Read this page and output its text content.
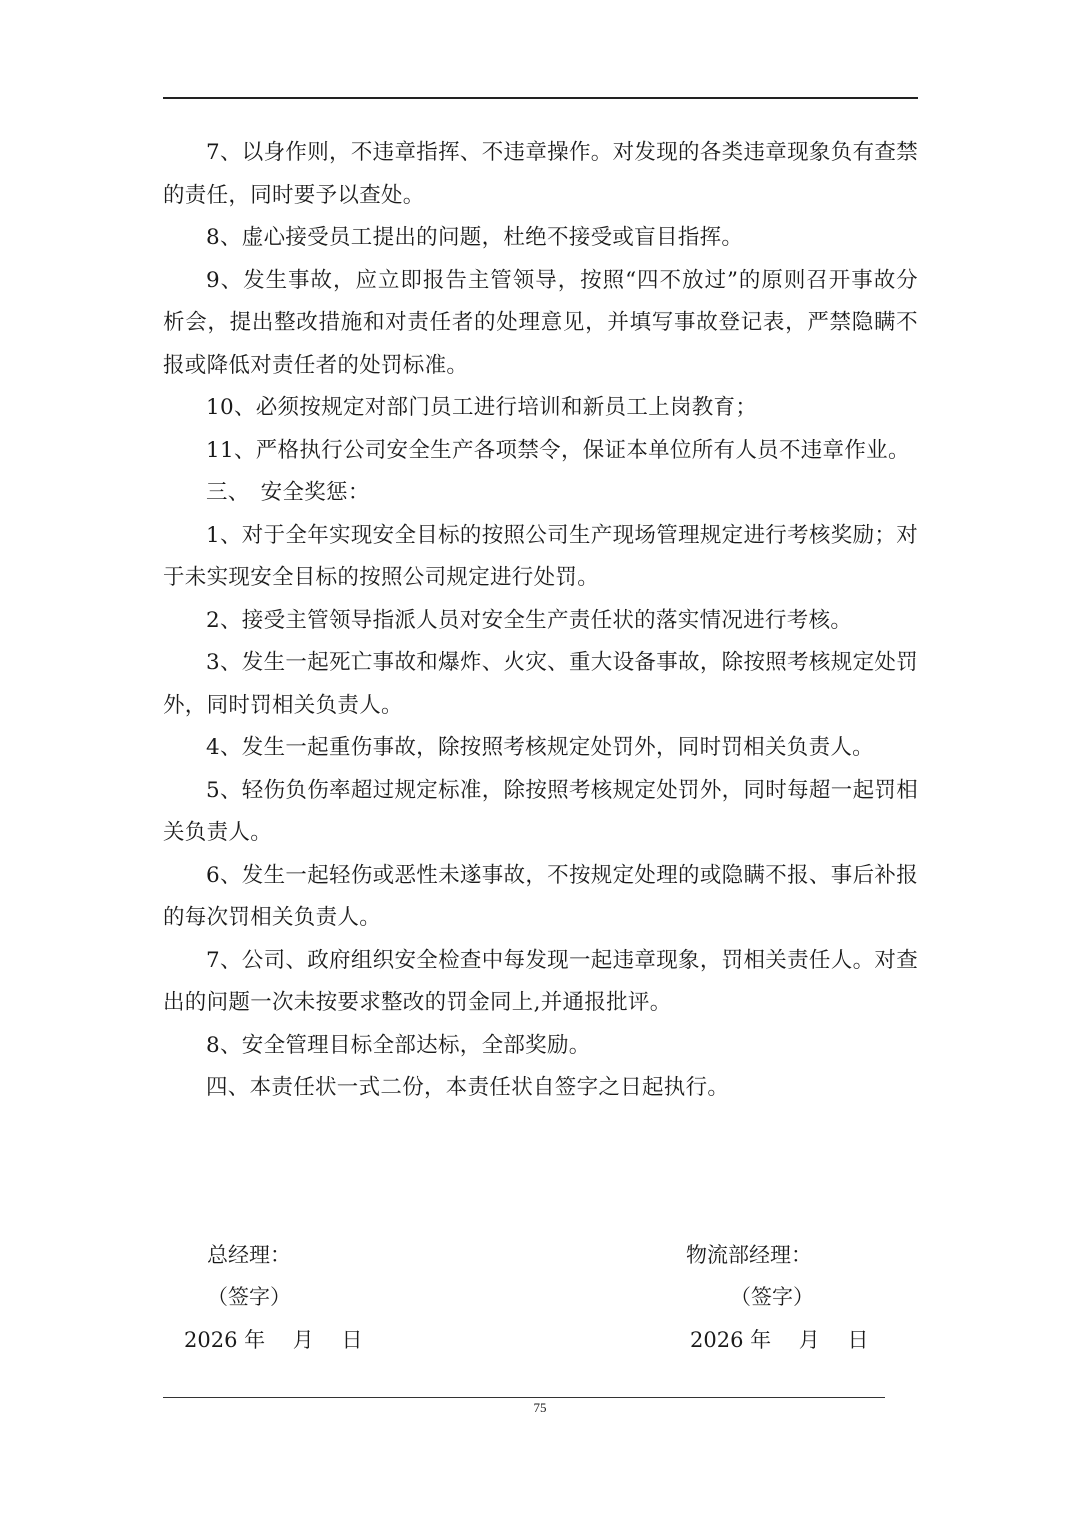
7、以身作则，不违章指挥、不违章操作。对发现的各类违章现象负有查禁的责任，同时要予以查处。

8、虚心接受员工提出的问题，杜绝不接受或盲目指挥。

9、发生事故，应立即报告主管领导，按照“四不放过”的原则召开事故分析会，提出整改措施和对责任者的处理意见，并填写事故登记表，严禁隐瞒不报或降低对责任者的处罚标准。

10、必须按规定对部门员工进行培训和新员工上岗教育；

11、严格执行公司安全生产各项禁令，保证本单位所有人员不违章作业。

三、　安全奖惩：

1、对于全年实现安全目标的按照公司生产现场管理规定进行考核奖励；对于未实现安全目标的按照公司规定进行处罚。

2、接受主管领导指派人员对安全生产责任状的落实情况进行考核。

3、发生一起死亡事故和爆炸、火灾、重大设备事故，除按照考核规定处罚外，同时罚相关负责人。

4、发生一起重伤事故，除按照考核规定处罚外，同时罚相关负责人。

5、轻伤负伤率超过规定标准，除按照考核规定处罚外，同时每超一起罚相关负责人。

6、发生一起轻伤或恶性未遂事故，不按规定处理的或隐瞒不报、事后补报的每次罚相关负责人。

7、公司、政府组织安全检查中每发现一起违章现象，罚相关责任人。对查出的问题一次未按要求整改的罚金同上,并通报批评。

8、安全管理目标全部达标，全部奖励。

四、本责任状一式二份，本责任状自签字之日起执行。

总经理：
（签字）
2026 年　 月　 日
物流部经理：
（签字）
2026 年　 月　 日
75
